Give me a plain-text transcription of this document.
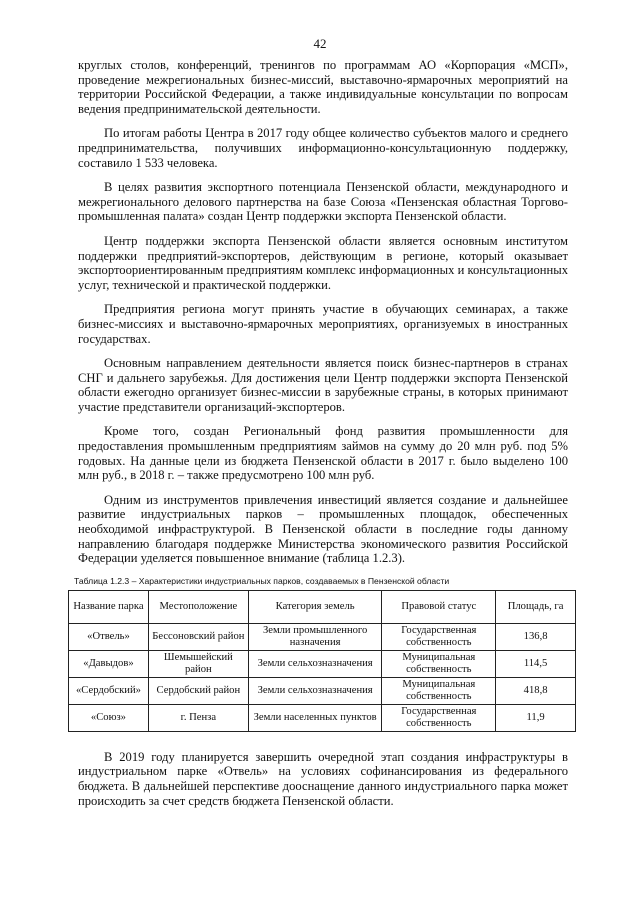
42

круглых столов, конференций, тренингов по программам АО «Корпорация «МСП», проведение межрегиональных бизнес-миссий, выставочно-ярмарочных мероприятий на территории Российской Федерации, а также индивидуальные консультации по вопросам ведения предпринимательской деятельности.

По итогам работы Центра в 2017 году общее количество субъектов малого и среднего предпринимательства, получивших информационно-консультационную поддержку, составило 1 533 человека.

В целях развития экспортного потенциала Пензенской области, международного и межрегионального делового партнерства на базе Союза «Пензенская областная Торгово-промышленная палата» создан Центр поддержки экспорта Пензенской области.

Центр поддержки экспорта Пензенской области является основным институтом поддержки предприятий-экспортеров, действующим в регионе, который оказывает экспортоориентированным предприятиям комплекс информационных и консультационных услуг, технической и практической поддержки.

Предприятия региона могут принять участие в обучающих семинарах, а также бизнес-миссиях и выставочно-ярмарочных мероприятиях, организуемых в иностранных государствах.

Основным направлением деятельности является поиск бизнес-партнеров в странах СНГ и дальнего зарубежья. Для достижения цели Центр поддержки экспорта Пензенской области ежегодно организует бизнес-миссии в зарубежные страны, в которых принимают участие представители организаций-экспортеров.

Кроме того, создан Региональный фонд развития промышленности для предоставления промышленным предприятиям займов на сумму до 20 млн руб. под 5% годовых. На данные цели из бюджета Пензенской области в 2017 г. было выделено 100 млн руб., в 2018 г. – также предусмотрено 100 млн руб.

Одним из инструментов привлечения инвестиций является создание и дальнейшее развитие индустриальных парков – промышленных площадок, обеспеченных необходимой инфраструктурой. В Пензенской области в последние годы данному направлению благодаря поддержке Министерства экономического развития Российской Федерации уделяется повышенное внимание (таблица 1.2.3).

Таблица 1.2.3 – Характеристики индустриальных парков, создаваемых в Пензенской области
Название парка	Местоположение	Категория земель	Правовой статус	Площадь, га
«Отвель»	Бессоновский район	Земли промышленного назначения	Государственная собственность	136,8
«Давыдов»	Шемышейский район	Земли сельхозназначения	Муниципальная собственность	114,5
«Сердобский»	Сердобский район	Земли сельхозназначения	Муниципальная собственность	418,8
«Союз»	г. Пенза	Земли населенных пунктов	Государственная собственность	11,9

В 2019 году планируется завершить очередной этап создания инфраструктуры в индустриальном парке «Отвель» на условиях софинансирования из федерального бюджета. В дальнейшей перспективе дооснащение данного индустриального парка может происходить за счет средств бюджета Пензенской области.
